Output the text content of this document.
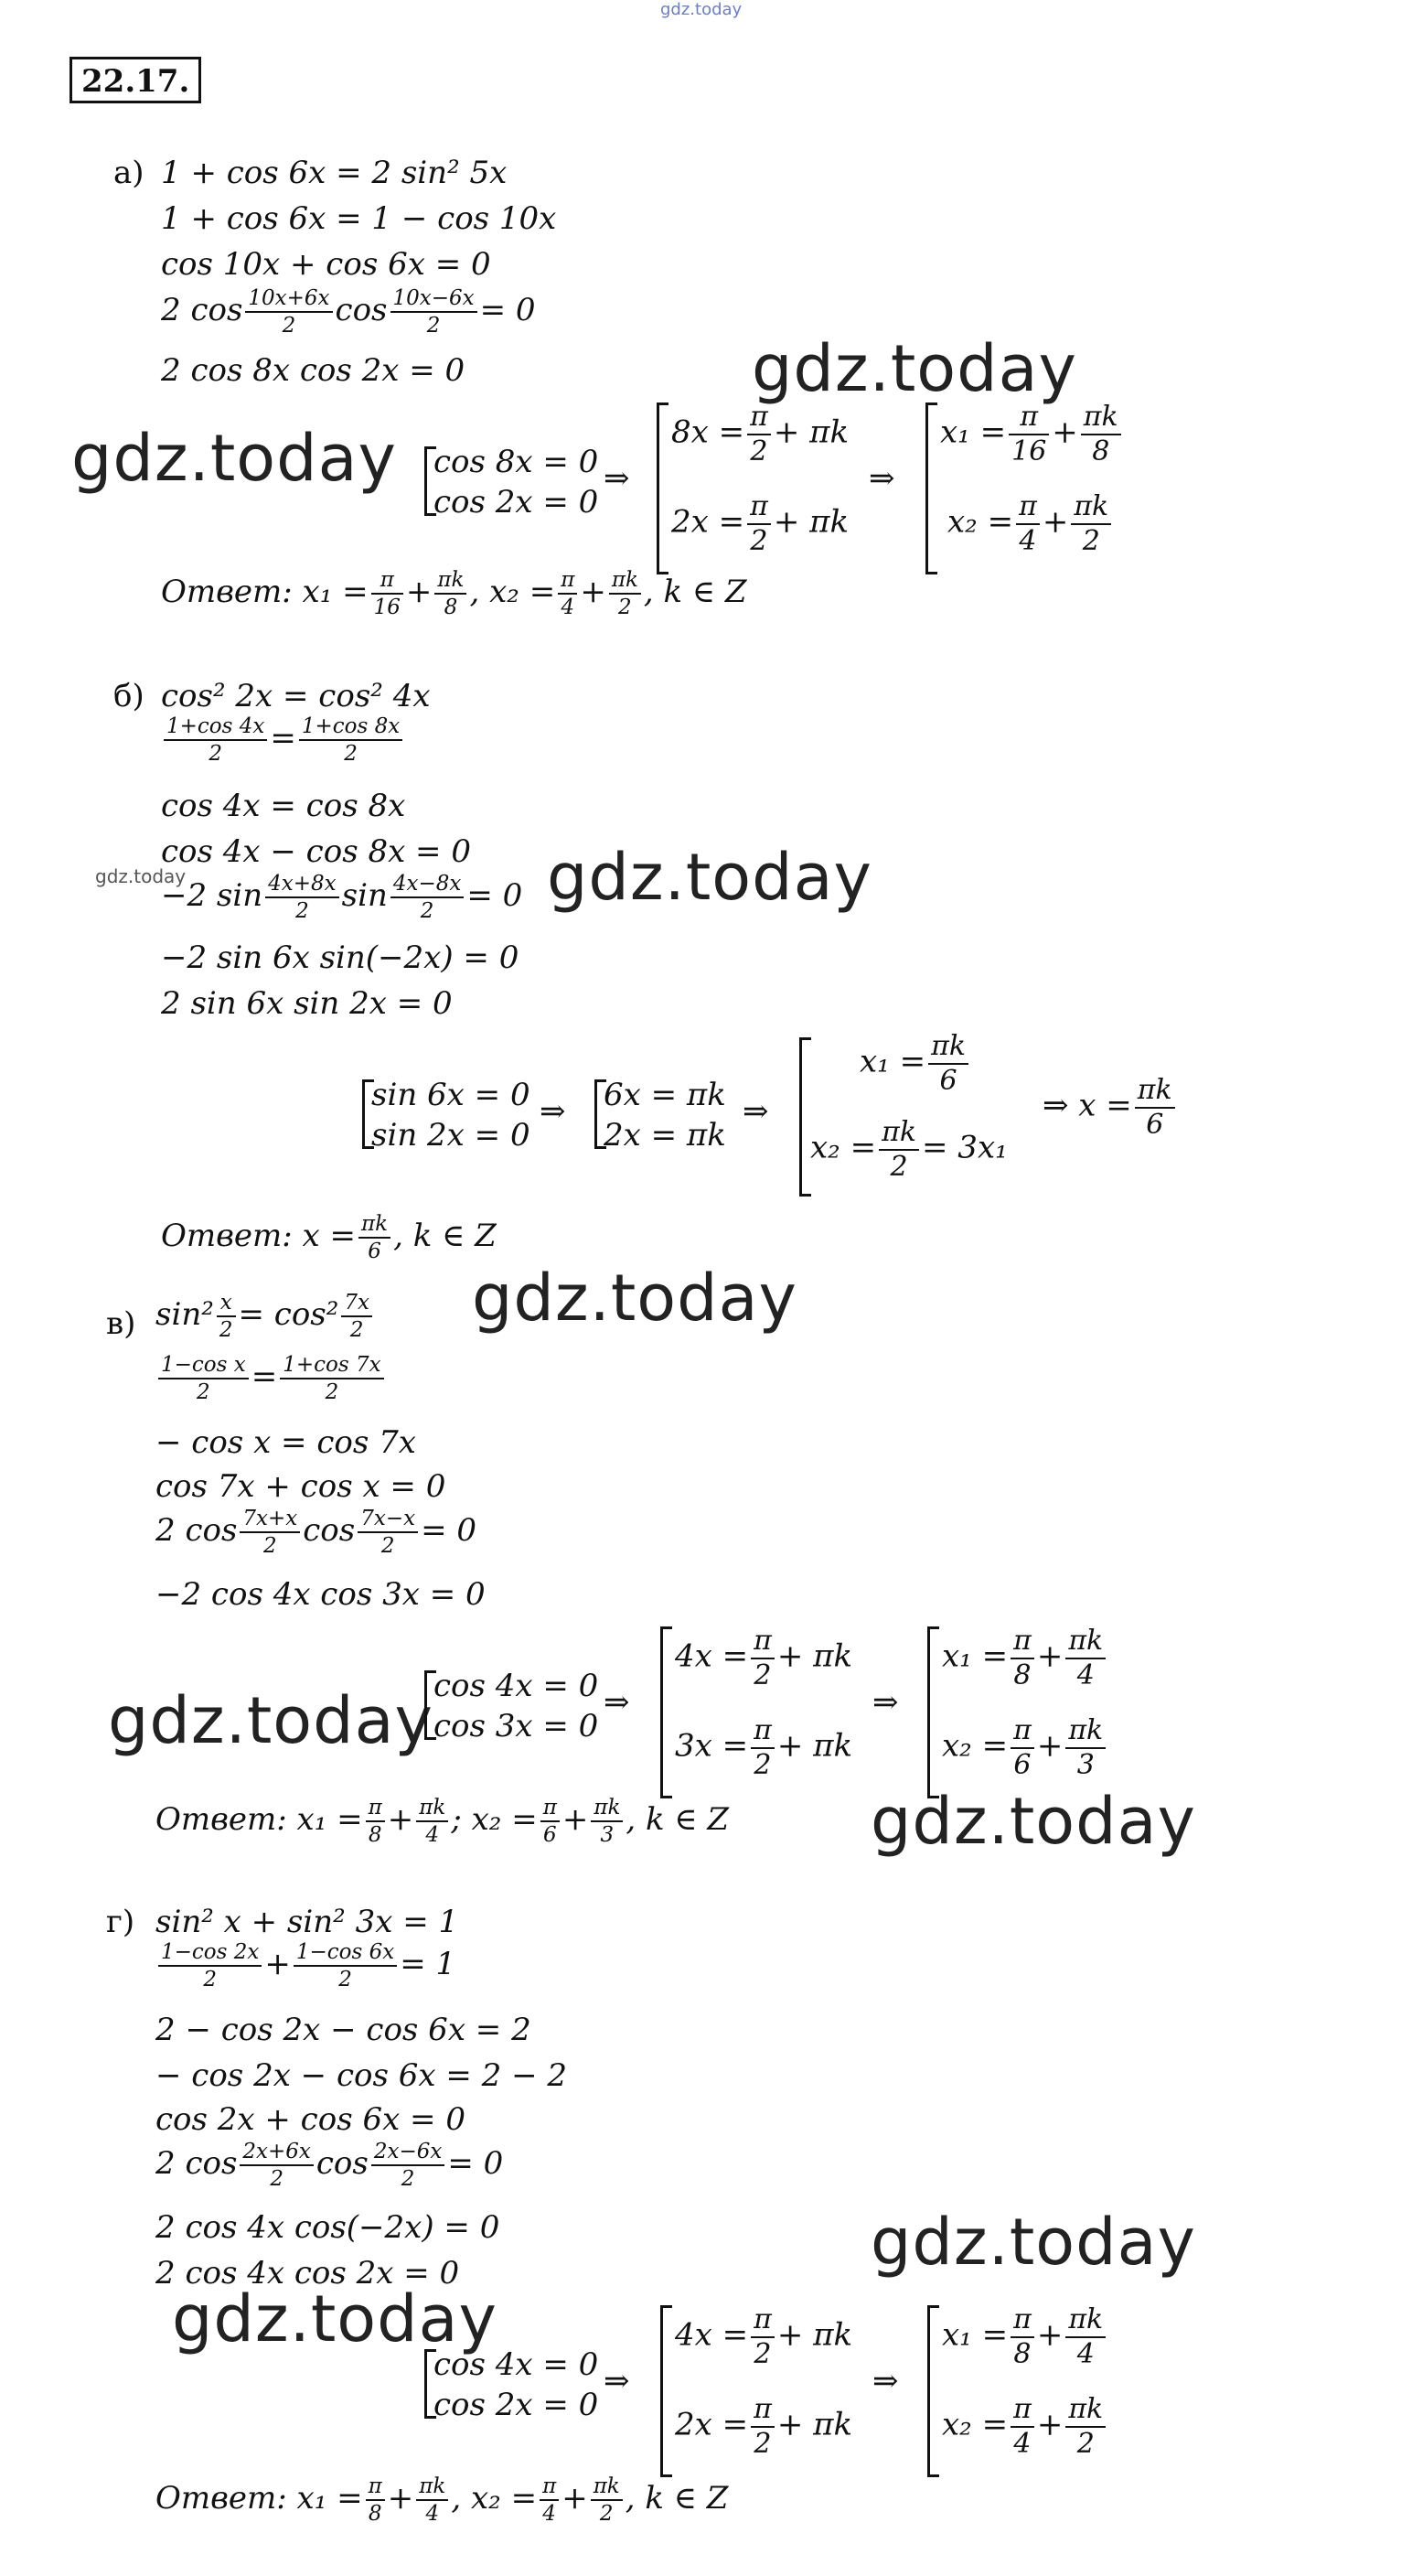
gdz.today
gdz.today
gdz.today
gdz.today	gdz.today
gdz.today
gdz.today
gdz.today
gdz.today
gdz.today
22.17.
а) 1 + cos 6x = 2 sin² 5x
1 + cos 6x = 1 − cos 10x
cos 10x + cos 6x = 0
2 $\cos \frac{10x+6x}{2}$ $\cos \frac{10x-6x}{2} = 0$
2 cos 8x cos 2x = 0
cos 8x = 0
cos 2x = 0
⇒
$8x = \frac{\pi}{2} + \pi k$
$2x = \frac{\pi}{2} + \pi k$
⇒
$x_1 = \frac{\pi}{16} + \frac{\pi k}{8}$
$x_2 = \frac{\pi}{4} + \frac{\pi k}{2}$
Ответ: $x_1 = \frac{\pi}{16} + \frac{\pi k}{8}$ , $x_2 = \frac{\pi}{4} + \frac{\pi k}{2}$ , k ∈ Z
б) cos² 2x = cos² 4x
$\frac{1+\cos 4x}{2} = \frac{1+\cos 8x}{2}$
cos 4x = cos 8x
cos 4x − cos 8x = 0
−2 $\sin \frac{4x+8x}{2}$ $\sin \frac{4x-8x}{2} = 0$
−2 sin 6x sin(−2x) = 0
2 sin 6x sin 2x = 0
sin 6x = 0
sin 2x = 0
⇒ 6x = πk
2x = πk
⇒
$x_1 = \frac{\pi k}{6}$
$x_2 = \frac{\pi k}{2} = 3x_1$
⇒ $x = \frac{\pi k}{6}$
Ответ: $x = \frac{\pi k}{6}$ , k ∈ Z
в) $\sin^2 \frac{x}{2} = \cos^2 \frac{7x}{2}$
$\frac{\text{1−cos x}}{2} = \frac{1+\cos 7x}{2}$
− cos x = cos 7x
cos 7x + cos x = 0
2 $\cos \frac{7x+x}{2}$ $\cos \frac{7x-x}{2} = 0$
−2 cos 4x cos 3x = 0
cos 4x = 0
cos 3x = 0
⇒
$4x = \frac{\pi}{2} + \pi k$
$3x = \frac{\pi}{2} + \pi k$
⇒
$x_1 = \frac{\pi}{8} + \frac{\pi k}{4}$
$x_2 = \frac{\pi}{6} + \frac{\pi k}{3}$
Ответ: $x_1 = \frac{\pi}{8} + \frac{\pi k}{4}$ ; $x_2 = \frac{\pi}{6} + \frac{\pi k}{3}$ , k ∈ Z
г) sin² x + sin² 3x = 1
$\frac{1-\cos 2x}{2} + \frac{1-\cos 6x}{2} = 1$
2 − cos 2x − cos 6x = 2
− cos 2x − cos 6x = 2 − 2
cos 2x + cos 6x = 0
2 $\cos \frac{2x+6x}{2}$ $\cos \frac{2x-6x}{2} = 0$
2 cos 4x cos(−2x) = 0
2 cos 4x cos 2x = 0
cos 4x = 0
cos 2x = 0
⇒
$4x = \frac{\pi}{2} + \pi k$
$2x = \frac{\pi}{2} + \pi k$
⇒
$x_1 = \frac{\pi}{8} + \frac{\pi k}{4}$
$x_2 = \frac{\pi}{4} + \frac{\pi k}{2}$
Ответ: $x_1 = \frac{\pi}{8} + \frac{\pi k}{4}$ , $x_2 = \frac{\pi}{4} + \frac{\pi k}{2}$ , k ∈ Z
